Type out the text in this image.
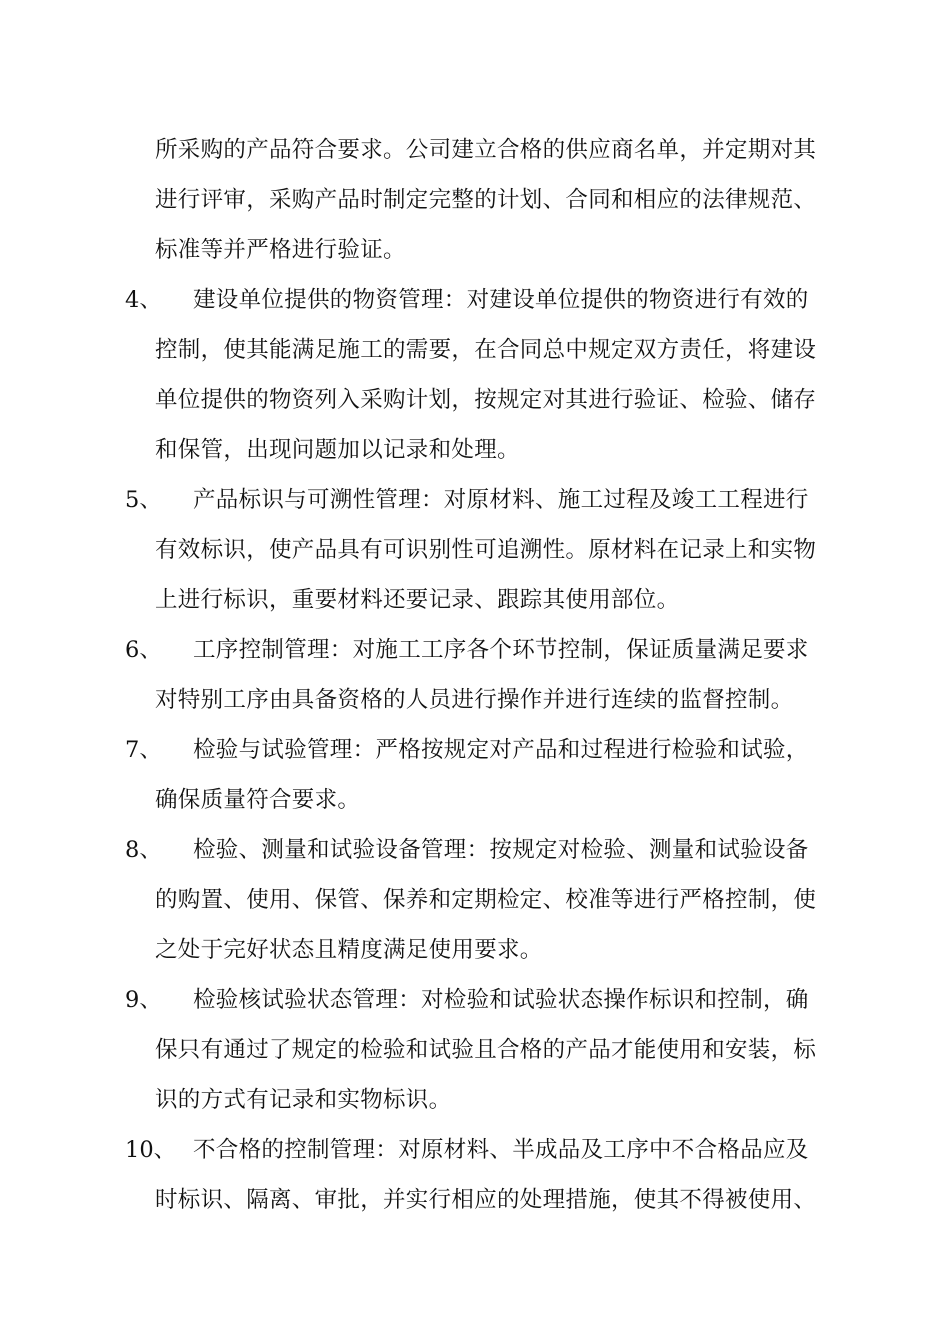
所采购的产品符合要求。公司建立合格的供应商名单，并定期对其
进行评审，采购产品时制定完整的计划、合同和相应的法律规范、
标准等并严格进行验证。
4、 建设单位提供的物资管理：对建设单位提供的物资进行有效的
控制，使其能满足施工的需要，在合同总中规定双方责任，将建设
单位提供的物资列入采购计划，按规定对其进行验证、检验、储存
和保管，出现问题加以记录和处理。
5、 产品标识与可溯性管理：对原材料、施工过程及竣工工程进行
有效标识，使产品具有可识别性可追溯性。原材料在记录上和实物
上进行标识，重要材料还要记录、跟踪其使用部位。
6、 工序控制管理：对施工工序各个环节控制，保证质量满足要求
对特别工序由具备资格的人员进行操作并进行连续的监督控制。
7、 检验与试验管理：严格按规定对产品和过程进行检验和试验，
确保质量符合要求。
8、 检验、测量和试验设备管理：按规定对检验、测量和试验设备
的购置、使用、保管、保养和定期检定、校准等进行严格控制，使
之处于完好状态且精度满足使用要求。
9、 检验核试验状态管理：对检验和试验状态操作标识和控制，确
保只有通过了规定的检验和试验且合格的产品才能使用和安装，标
识的方式有记录和实物标识。
10、 不合格的控制管理：对原材料、半成品及工序中不合格品应及
时标识、隔离、审批，并实行相应的处理措施，使其不得被使用、
